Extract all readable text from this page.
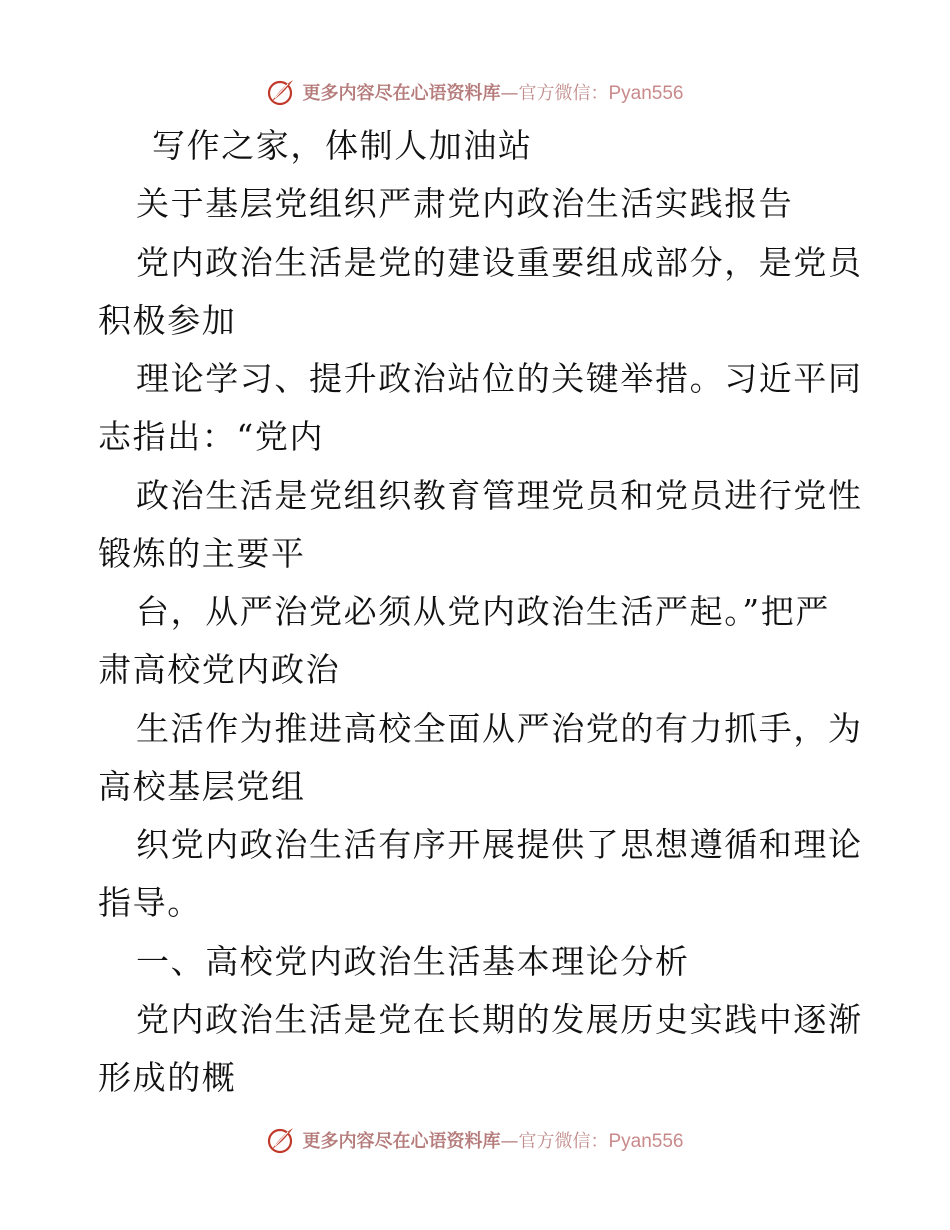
更多内容尽在心语资料库 — 官方微信： Pyan556
写作之家，体制人加油站
关于基层党组织严肃党内政治生活实践报告
党内政治生活是党的建设重要组成部分，是党员
积极参加
理论学习、提升政治站位的关键举措。习近平同
志指出：“党内
政治生活是党组织教育管理党员和党员进行党性
锻炼的主要平
台，从严治党必须从党内政治生活严起。”把严
肃高校党内政治
生活作为推进高校全面从严治党的有力抓手，为
高校基层党组
织党内政治生活有序开展提供了思想遵循和理论
指导。
一、高校党内政治生活基本理论分析
党内政治生活是党在长期的发展历史实践中逐渐
形成的概
更多内容尽在心语资料库 — 官方微信： Pyan556
